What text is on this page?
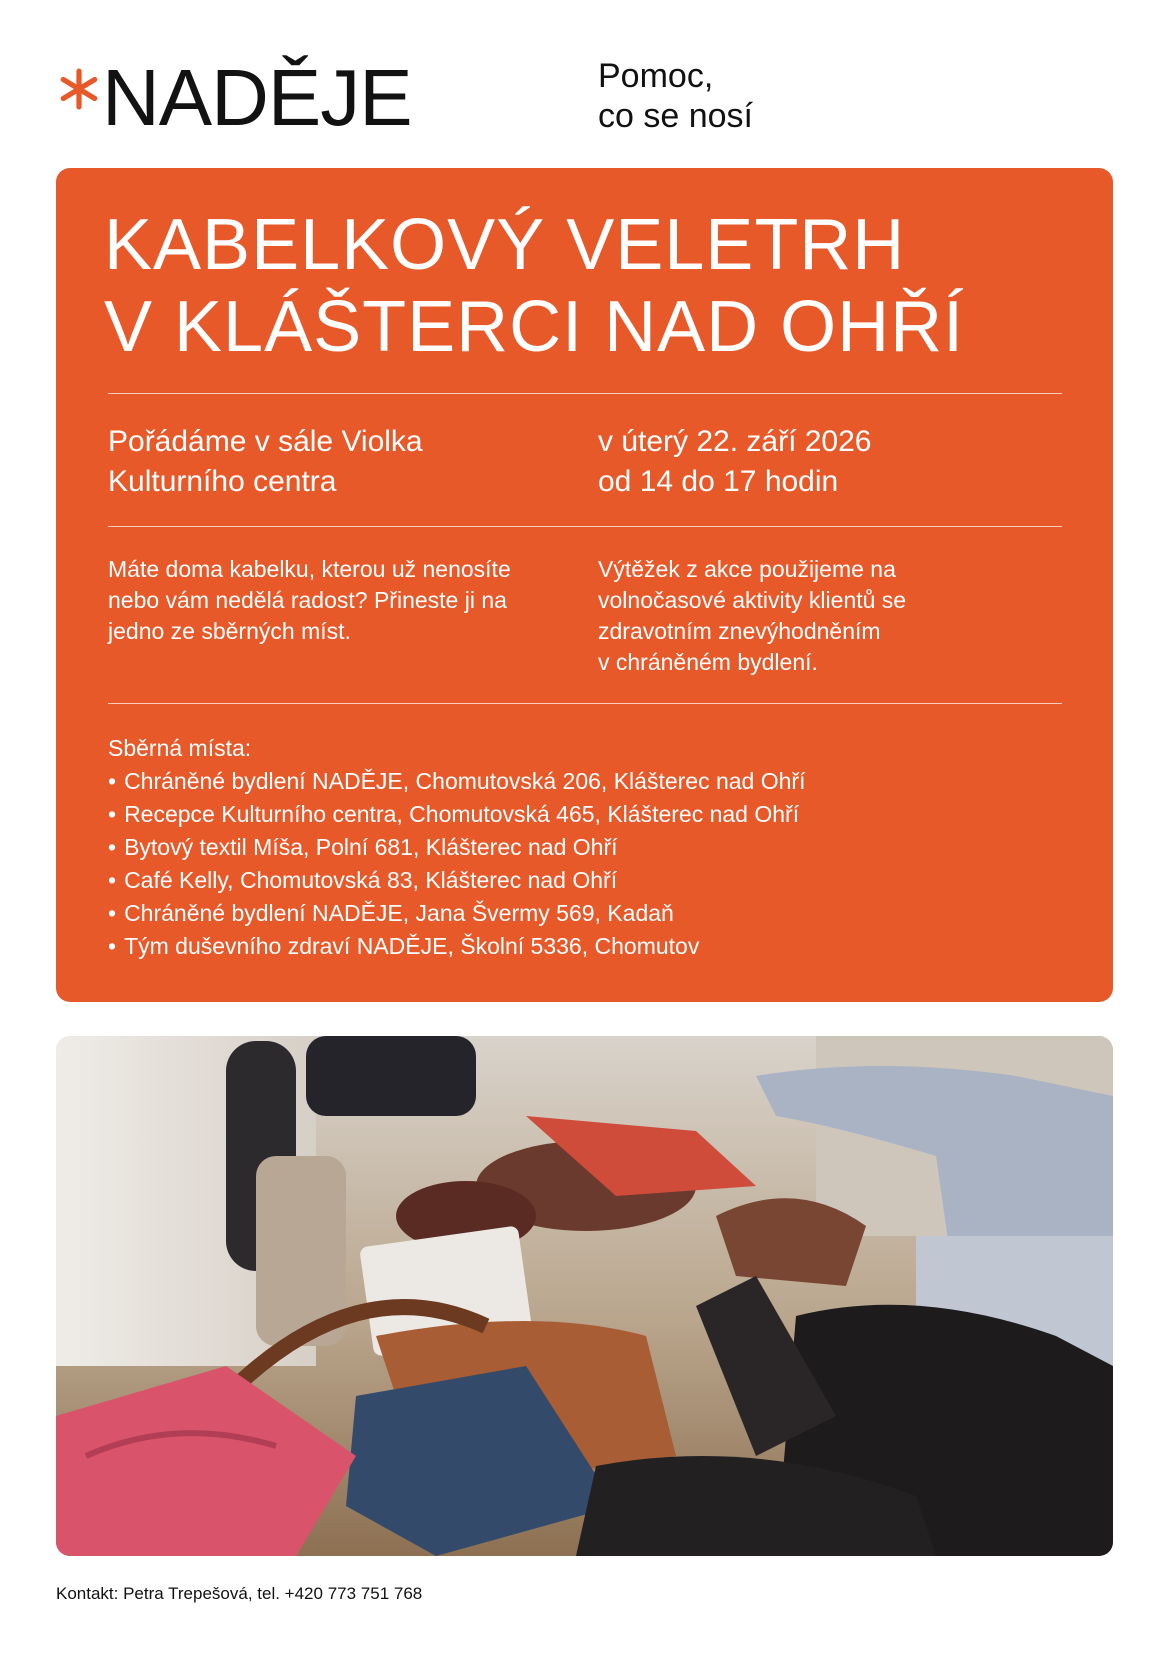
NADĚJE	Pomoc,
co se nosí
KABELKOVÝ VELETRH
V KLÁŠTERCI NAD OHŘÍ
Pořádáme v sále Violka
Kulturního centra
v úterý 22. září 2026
od 14 do 17 hodin
Máte doma kabelku, kterou už nenosíte
nebo vám nedělá radost? Přineste ji na
jedno ze sběrných míst.
Výtěžek z akce použijeme na
volnočasové aktivity klientů se
zdravotním znevýhodněním
v chráněném bydlení.
Sběrná místa:
• Chráněné bydlení NADĚJE, Chomutovská 206, Klášterec nad Ohří
• Recepce Kulturního centra, Chomutovská 465, Klášterec nad Ohří
• Bytový textil Míša, Polní 681, Klášterec nad Ohří
• Café Kelly, Chomutovská 83, Klášterec nad Ohří
• Chráněné bydlení NADĚJE, Jana Švermy 569, Kadaň
• Tým duševního zdraví NADĚJE, Školní 5336, Chomutov
Kontakt: Petra Trepešová, tel. +420 773 751 768
